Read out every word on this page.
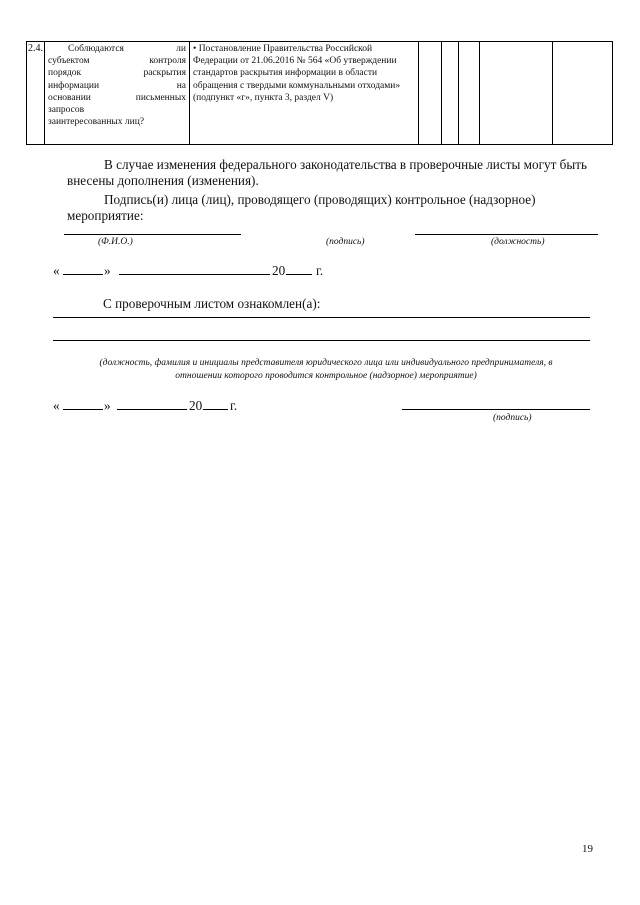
2.4.	Соблюдаются ли
субъектом контроля
порядок раскрытия
информации на
основании письменных
запросов
заинтересованных лиц?
	• Постановление Правительства Российской Федерации от 21.06.2016 № 564 «Об утверждении стандартов раскрытия информации в области обращения с твердыми коммунальными отходами» (подпункт «г», пункта 3, раздел V)					
В случае изменения федерального законодательства в проверочные листы могут быть
внесены дополнения (изменения).
Подпись(и) лица (лиц), проводящего (проводящих) контрольное (надзорное)
мероприятие:
(Ф.И.О.)	(подпись)	(должность)
«	»	20 г.
С проверочным листом ознакомлен(а):
(должность, фамилия и инициалы представителя юридического лица или индивидуального предпринимателя, в
отношении которого проводится контрольное (надзорное) мероприятие)
«	»	20 г.
(подпись)
19
